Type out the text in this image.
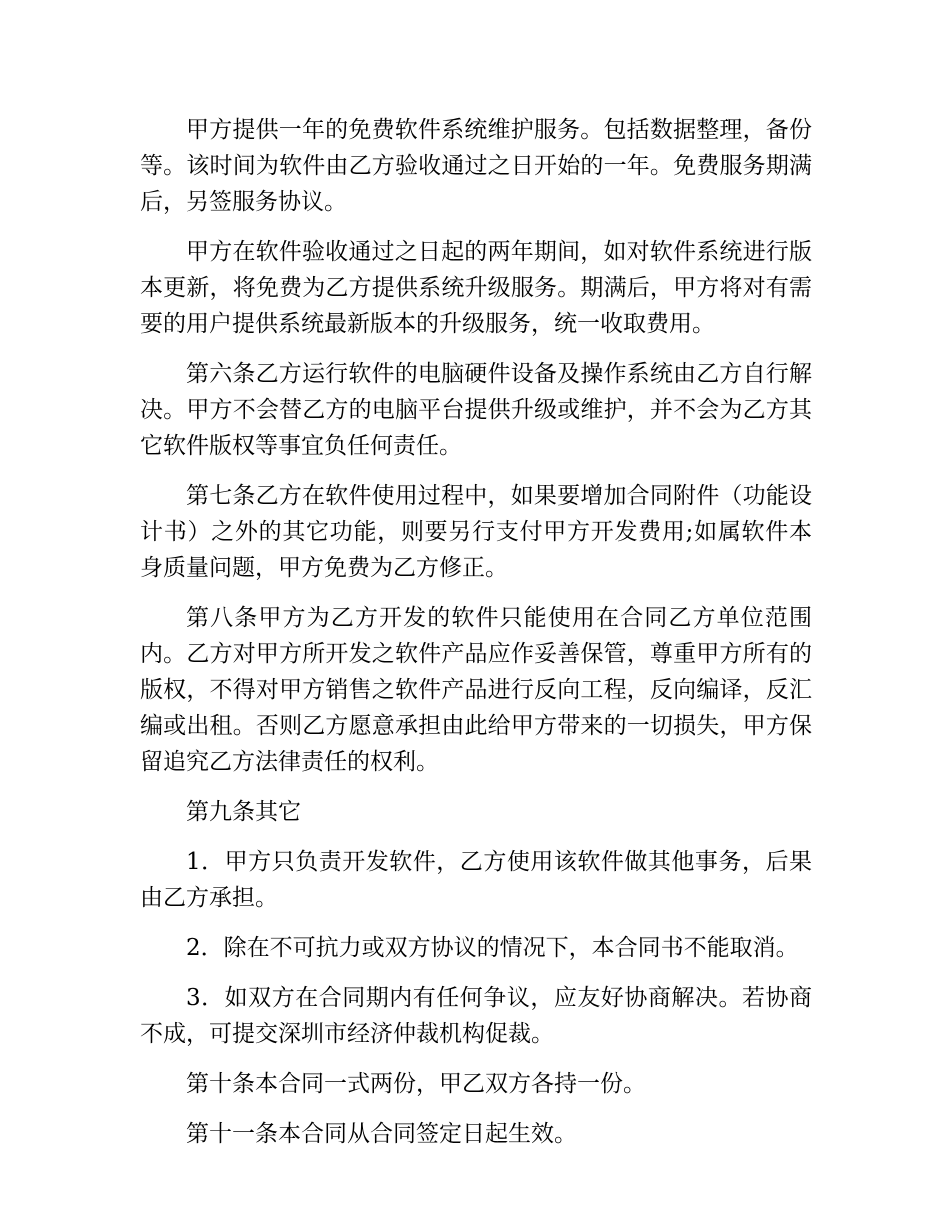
甲方提供一年的免费软件系统维护服务。包括数据整理，备份等。该时间为软件由乙方验收通过之日开始的一年。免费服务期满后，另签服务协议。

甲方在软件验收通过之日起的两年期间，如对软件系统进行版本更新，将免费为乙方提供系统升级服务。期满后，甲方将对有需要的用户提供系统最新版本的升级服务，统一收取费用。

第六条乙方运行软件的电脑硬件设备及操作系统由乙方自行解决。甲方不会替乙方的电脑平台提供升级或维护，并不会为乙方其它软件版权等事宜负任何责任。

第七条乙方在软件使用过程中，如果要增加合同附件（功能设计书）之外的其它功能，则要另行支付甲方开发费用;如属软件本身质量问题，甲方免费为乙方修正。

第八条甲方为乙方开发的软件只能使用在合同乙方单位范围内。乙方对甲方所开发之软件产品应作妥善保管，尊重甲方所有的版权，不得对甲方销售之软件产品进行反向工程，反向编译，反汇编或出租。否则乙方愿意承担由此给甲方带来的一切损失，甲方保留追究乙方法律责任的权利。

第九条其它

1．甲方只负责开发软件，乙方使用该软件做其他事务，后果由乙方承担。

2．除在不可抗力或双方协议的情况下，本合同书不能取消。

3．如双方在合同期内有任何争议，应友好协商解决。若协商不成，可提交深圳市经济仲裁机构促裁。

第十条本合同一式两份，甲乙双方各持一份。

第十一条本合同从合同签定日起生效。
